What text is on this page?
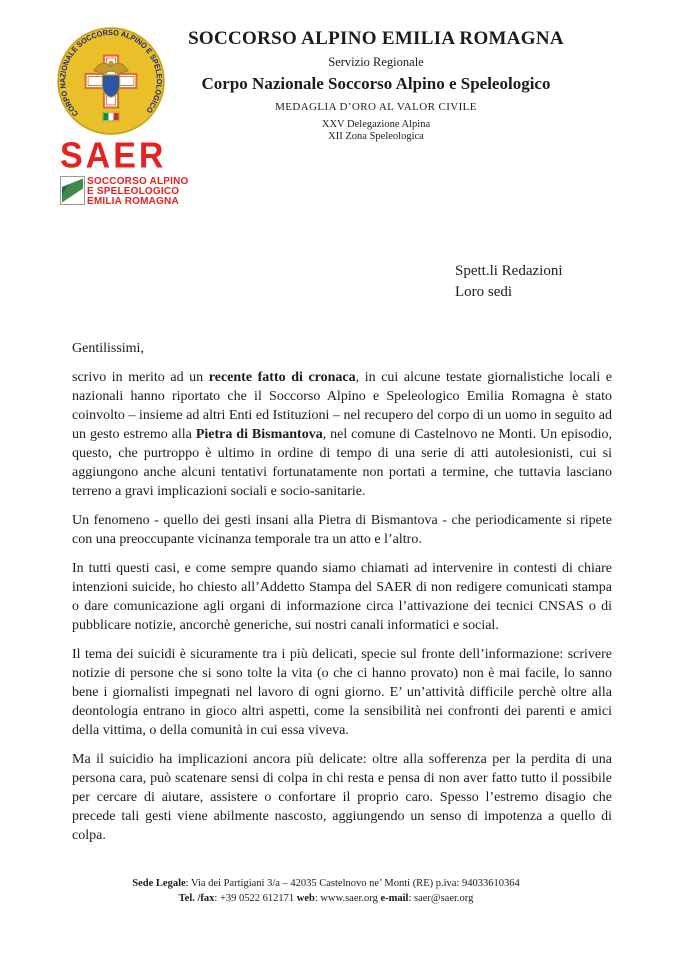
CORPO NAZIONALE SOCCORSO ALPINO E SPELEOLOGICO
SOCCORSO ALPINO EMILIA ROMAGNA
Servizio Regionale
Corpo Nazionale Soccorso Alpino e Speleologico
MEDAGLIA D’ORO AL VALOR CIVILE
XXV Delegazione Alpina
XII Zona Speleologica
SAER
SOCCORSO ALPINO
E SPELEOLOGICO
EMILIA ROMAGNA
Spett.li Redazioni
Loro sedi
Gentilissimi,

scrivo in merito ad un recente fatto di cronaca, in cui alcune testate giornalistiche locali e nazionali hanno riportato che il Soccorso Alpino e Speleologico Emilia Romagna è stato coinvolto – insieme ad altri Enti ed Istituzioni – nel recupero del corpo di un uomo in seguito ad un gesto estremo alla Pietra di Bismantova, nel comune di Castelnovo ne Monti. Un episodio, questo, che purtroppo è ultimo in ordine di tempo di una serie di atti autolesionisti, cui si aggiungono anche alcuni tentativi fortunatamente non portati a termine, che tuttavia lasciano terreno a gravi implicazioni sociali e socio-sanitarie.

Un fenomeno - quello dei gesti insani alla Pietra di Bismantova - che periodicamente si ripete con una preoccupante vicinanza temporale tra un atto e l’altro.

In tutti questi casi, e come sempre quando siamo chiamati ad intervenire in contesti di chiare intenzioni suicide, ho chiesto all’Addetto Stampa del SAER di non redigere comunicati stampa o dare comunicazione agli organi di informazione circa l’attivazione dei tecnici CNSAS o di pubblicare notizie, ancorchè generiche, sui nostri canali informatici e social.

Il tema dei suicidi è sicuramente tra i più delicati, specie sul fronte dell’informazione: scrivere notizie di persone che si sono tolte la vita (o che ci hanno provato) non è mai facile, lo sanno bene i giornalisti impegnati nel lavoro di ogni giorno. E’ un’attività difficile perchè oltre alla deontologia entrano in gioco altri aspetti, come la sensibilità nei confronti dei parenti e amici della vittima, o della comunità in cui essa viveva.

Ma il suicidio ha implicazioni ancora più delicate: oltre alla sofferenza per la perdita di una persona cara, può scatenare sensi di colpa in chi resta e pensa di non aver fatto tutto il possibile per cercare di aiutare, assistere o confortare il proprio caro. Spesso l’estremo disagio che precede tali gesti viene abilmente nascosto, aggiungendo un senso di impotenza a quello di colpa.

Sede Legale: Via dei Partigiani 3/a – 42035 Castelnovo ne’ Monti (RE) p.iva: 94033610364
Tel. /fax: +39 0522 612171 web: www.saer.org e-mail: saer@saer.org
